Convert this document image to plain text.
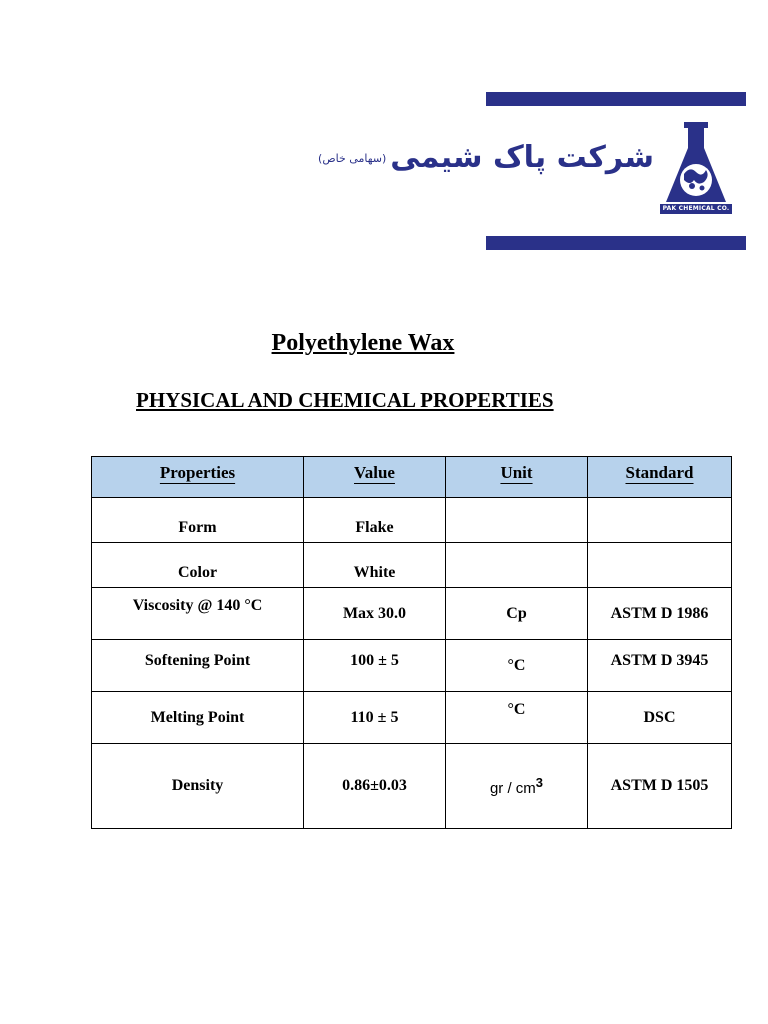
شرکت پاک شیمی(سهامی خاص)
PAK CHEMICAL CO.
Polyethylene Wax
PHYSICAL AND CHEMICAL PROPERTIES
Properties	Value	Unit	Standard
Form	Flake		
Color	White		
Viscosity @ 140 °C	Max 30.0	Cp	ASTM D 1986
Softening Point	100 ± 5	°C	ASTM D 3945
Melting Point	110 ± 5	°C	DSC
Density	0.86±0.03	gr / $cm^3$	ASTM D 1505
